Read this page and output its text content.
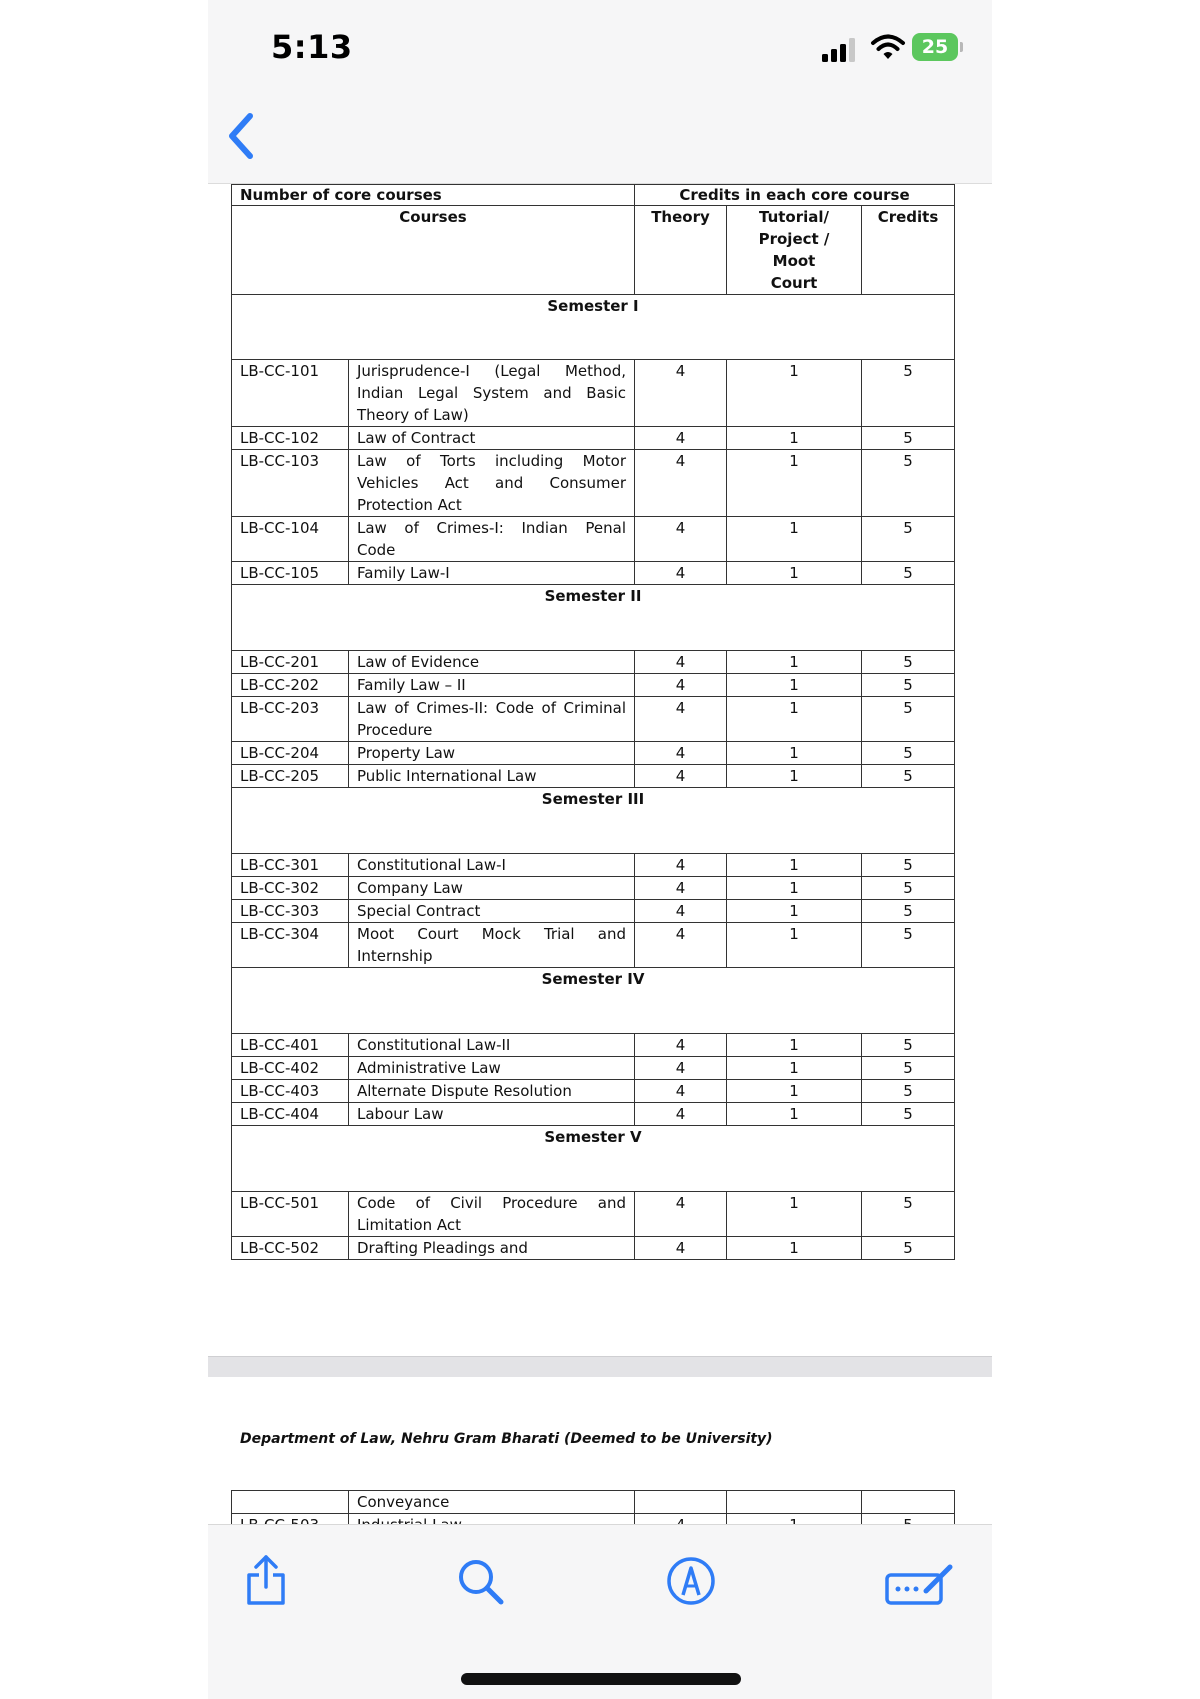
5:13	25
Number of core courses		Credits in each core course		
Courses		Theory	Tutorial/
Project / Moot
Court	Credits
Semester I				
LB-CC-101	Jurisprudence-I (Legal Method,
Indian Legal System and Basic
Theory of Law)	4	1	5
LB-CC-102	Law of Contract	4	1	5
LB-CC-103	Law of Torts including Motor
Vehicles Act and Consumer
Protection Act	4	1	5
LB-CC-104	Law of Crimes-I: Indian Penal
Code	4	1	5
LB-CC-105	Family Law-I	4	1	5
Semester II				
LB-CC-201	Law of Evidence	4	1	5
LB-CC-202	Family Law – II	4	1	5
LB-CC-203	Law of Crimes-II: Code of Criminal
Procedure	4	1	5
LB-CC-204	Property Law	4	1	5
LB-CC-205	Public International Law	4	1	5
Semester III				
LB-CC-301	Constitutional Law-I	4	1	5
LB-CC-302	Company Law	4	1	5
LB-CC-303	Special Contract	4	1	5
LB-CC-304	Moot Court Mock Trial and
Internship	4	1	5
Semester IV				
LB-CC-401	Constitutional Law-II	4	1	5
LB-CC-402	Administrative Law	4	1	5
LB-CC-403	Alternate Dispute Resolution	4	1	5
LB-CC-404	Labour Law	4	1	5
Semester V				
LB-CC-501	Code of Civil Procedure and
Limitation Act	4	1	5
LB-CC-502	Drafting Pleadings and	4	1	5
Department of Law, Nehru Gram Bharati (Deemed to be University)
	Conveyance			
